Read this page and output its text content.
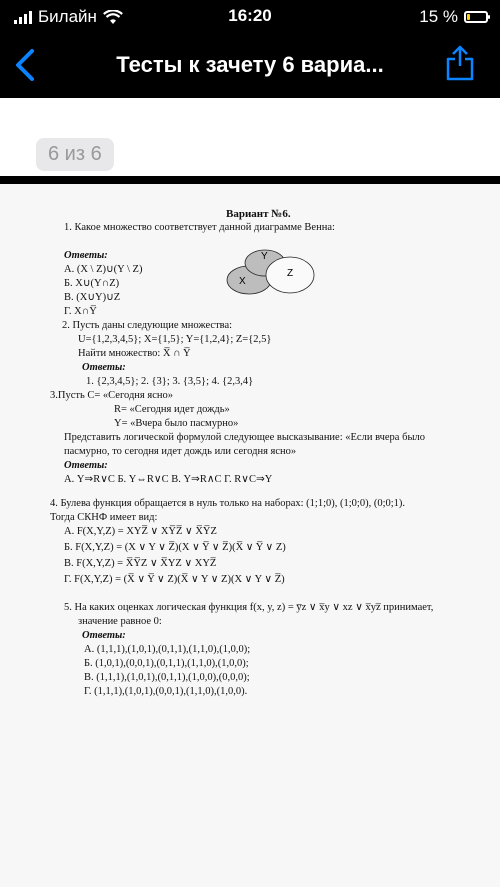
Билайн	16:20	15 %
Тесты к зачету 6 вариа...
6 из 6
X
Y
Z
Вариант №6.
1. Какое множество соответствует данной диаграмме Венна:
Ответы:
А. (X \ Z)∪(Y \ Z)
Б. X∪(Y∩Z)
В. (X∪Y)∪Z
Г. X∩Y̅
2. Пусть даны следующие множества:
U={1,2,3,4,5}; X={1,5}; Y={1,2,4}; Z={2,5}
Найти множество: X̅ ∩ Y̅
Ответы:
1. {2,3,4,5}; 2. {3}; 3. {3,5}; 4. {2,3,4}
3.Пусть С= «Сегодня ясно»
R= «Сегодня идет дождь»
Y= «Вчера было пасмурно»
Представить логической формулой следующее высказывание: «Если вчера было
пасмурно, то сегодня идет дождь или сегодня ясно»
Ответы:
А. Y⇒R∨C Б. Y⇔R∨C В. Y⇒R∧C Г. R∨C⇒Y
4. Булева функция обращается в нуль только на наборах: (1;1;0), (1;0;0), (0;0;1).
Тогда СКНФ имеет вид:
А. F(X,Y,Z) = XYZ̅ ∨ XY̅Z̅ ∨ X̅Y̅Z
Б. F(X,Y,Z) = (X ∨ Y ∨ Z̅)(X ∨ Y̅ ∨ Z̅)(X̅ ∨ Y̅ ∨ Z)
В. F(X,Y,Z) = X̅Y̅Z ∨ X̅YZ ∨ XYZ̅
Г. F(X,Y,Z) = (X̅ ∨ Y̅ ∨ Z)(X̅ ∨ Y ∨ Z)(X ∨ Y ∨ Z̅)
5. На каких оценках логическая функция f(x, y, z) = y̅z ∨ x̅y ∨ xz ∨ x̅yz̅ принимает,
значение равное 0:
Ответы:
А. (1,1,1),(1,0,1),(0,1,1),(1,1,0),(1,0,0);
Б. (1,0,1),(0,0,1),(0,1,1),(1,1,0),(1,0,0);
В. (1,1,1),(1,0,1),(0,1,1),(1,0,0),(0,0,0);
Г. (1,1,1),(1,0,1),(0,0,1),(1,1,0),(1,0,0).
